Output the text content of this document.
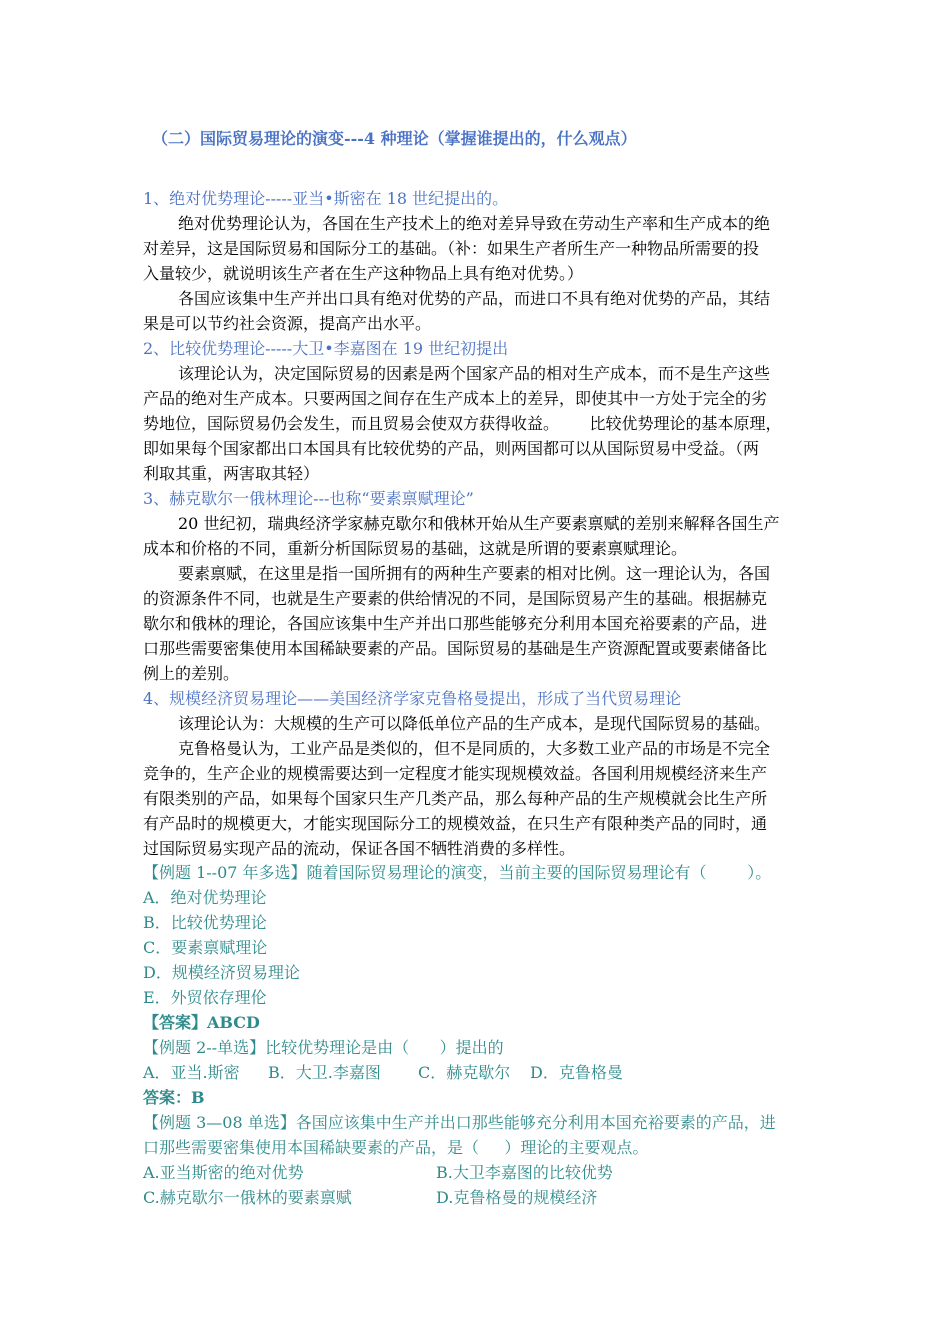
（二）国际贸易理论的演变---4 种理论（掌握谁提出的，什么观点）
1、绝对优势理论-----亚当•斯密在 18 世纪提出的。
绝对优势理论认为，各国在生产技术上的绝对差异导致在劳动生产率和生产成本的绝
对差异，这是国际贸易和国际分工的基础。（补：如果生产者所生产一种物品所需要的投
入量较少，就说明该生产者在生产这种物品上具有绝对优势。）
各国应该集中生产并出口具有绝对优势的产品，而进口不具有绝对优势的产品，其结
果是可以节约社会资源，提高产出水平。
2、比较优势理论-----大卫•李嘉图在 19 世纪初提出
该理论认为，决定国际贸易的因素是两个国家产品的相对生产成本，而不是生产这些
产品的绝对生产成本。只要两国之间存在生产成本上的差异，即使其中一方处于完全的劣
势地位，国际贸易仍会发生，而且贸易会使双方获得收益。      比较优势理论的基本原理，
即如果每个国家都出口本国具有比较优势的产品，则两国都可以从国际贸易中受益。（两
利取其重，两害取其轻）
3、赫克歇尔一俄林理论---也称“要素禀赋理论”
20 世纪初，瑞典经济学家赫克歇尔和俄林开始从生产要素禀赋的差别来解释各国生产
成本和价格的不同，重新分析国际贸易的基础，这就是所谓的要素禀赋理论。
要素禀赋，在这里是指一国所拥有的两种生产要素的相对比例。这一理论认为，各国
的资源条件不同，也就是生产要素的供给情况的不同，是国际贸易产生的基础。根据赫克
歇尔和俄林的理论，各国应该集中生产并出口那些能够充分利用本国充裕要素的产品，进
口那些需要密集使用本国稀缺要素的产品。国际贸易的基础是生产资源配置或要素储备比
例上的差别。
4、规模经济贸易理论——美国经济学家克鲁格曼提出，形成了当代贸易理论
该理论认为：大规模的生产可以降低单位产品的生产成本，是现代国际贸易的基础。
克鲁格曼认为，工业产品是类似的，但不是同质的，大多数工业产品的市场是不完全
竞争的，生产企业的规模需要达到一定程度才能实现规模效益。各国利用规模经济来生产
有限类别的产品，如果每个国家只生产几类产品，那么每种产品的生产规模就会比生产所
有产品时的规模更大，才能实现国际分工的规模效益，在只生产有限种类产品的同时，通
过国际贸易实现产品的流动，保证各国不牺牲消费的多样性。
【例题 1--07 年多选】随着国际贸易理论的演变，当前主要的国际贸易理论有（        ）。
A．绝对优势理论
B．比较优势理论
C．要素禀赋理论
D．规模经济贸易理论
E．外贸依存理伦
【答案】ABCD
【例题 2--单选】比较优势理论是由（      ）提出的
A．亚当.斯密 B．大卫.李嘉图 C．赫克歇尔 D．克鲁格曼
答案：B
【例题 3—08 单选】各国应该集中生产并出口那些能够充分利用本国充裕要素的产品，进
口那些需要密集使用本国稀缺要素的产品，是（     ）理论的主要观点。
A.亚当斯密的绝对优势	B.大卫李嘉图的比较优势
C.赫克歇尔一俄林的要素禀赋	D.克鲁格曼的规模经济
